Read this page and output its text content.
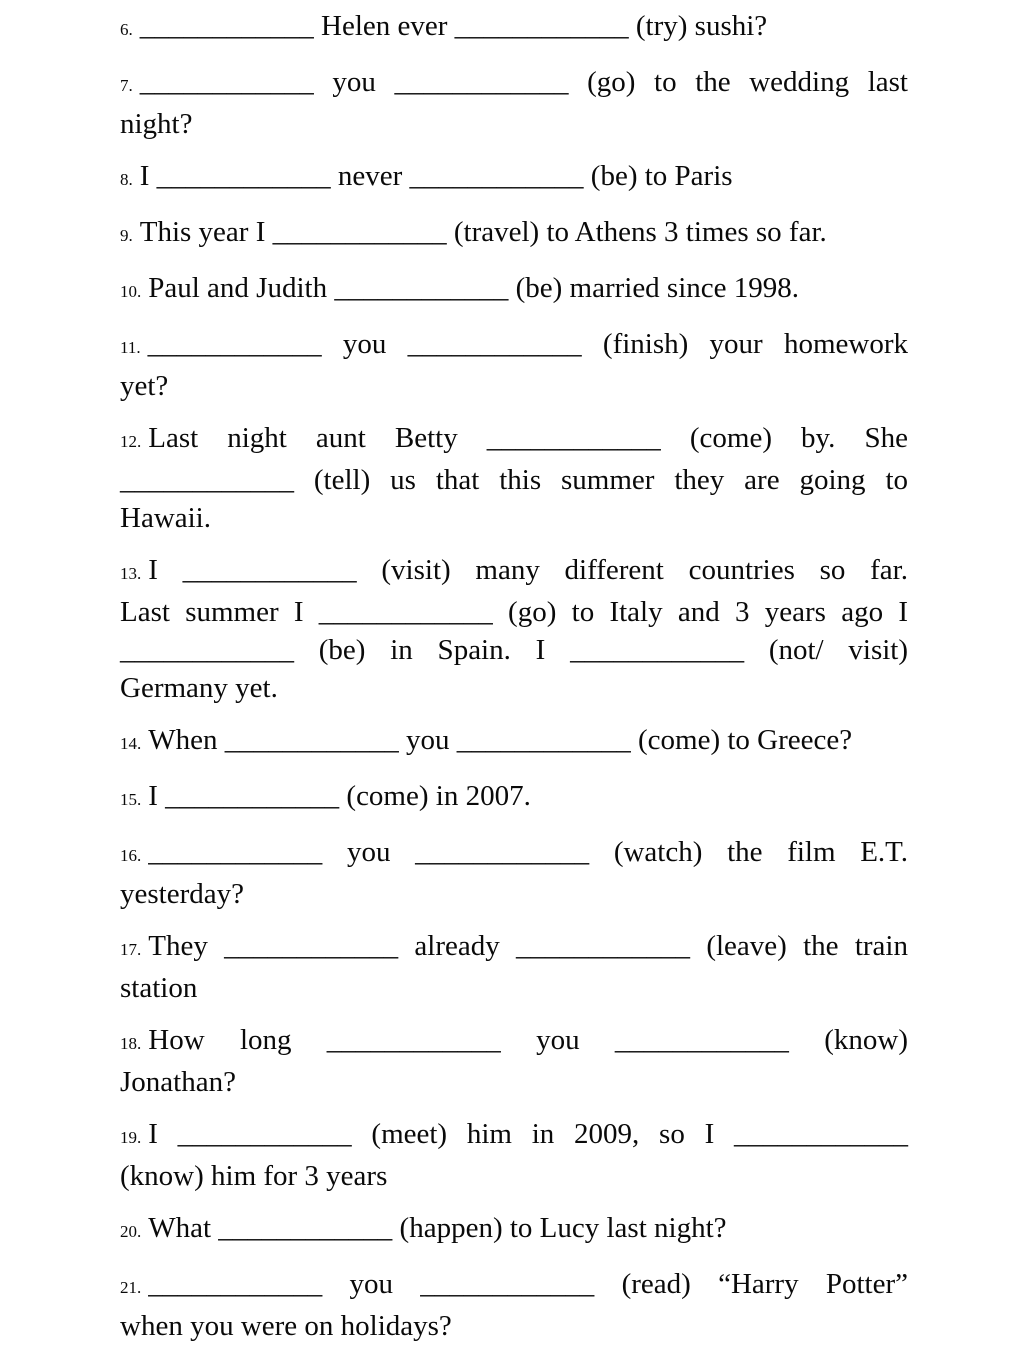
6. ____________ Helen ever ____________ (try) sushi?
7. ____________ you ____________ (go) to the wedding last
night?
8. I ____________ never ____________ (be) to Paris
9. This year I ____________ (travel) to Athens 3 times so far.
10. Paul and Judith ____________ (be) married since 1998.
11. ____________ you ____________ (finish) your homework
yet?
12. Last night aunt Betty ____________ (come) by. She
____________ (tell) us that this summer they are going to
Hawaii.
13. I ____________ (visit) many different countries so far.
Last summer I ____________ (go) to Italy and 3 years ago I
____________ (be) in Spain. I ____________ (not/ visit)
Germany yet.
14. When ____________ you ____________ (come) to Greece?
15. I ____________ (come) in 2007.
16. ____________ you ____________ (watch) the film E.T.
yesterday?
17. They ____________ already ____________ (leave) the train
station
18. How long ____________ you ____________ (know)
Jonathan?
19. I ____________ (meet) him in 2009, so I ____________
(know) him for 3 years
20. What ____________ (happen) to Lucy last night?
21. ____________ you ____________ (read) “Harry Potter”
when you were on holidays?
